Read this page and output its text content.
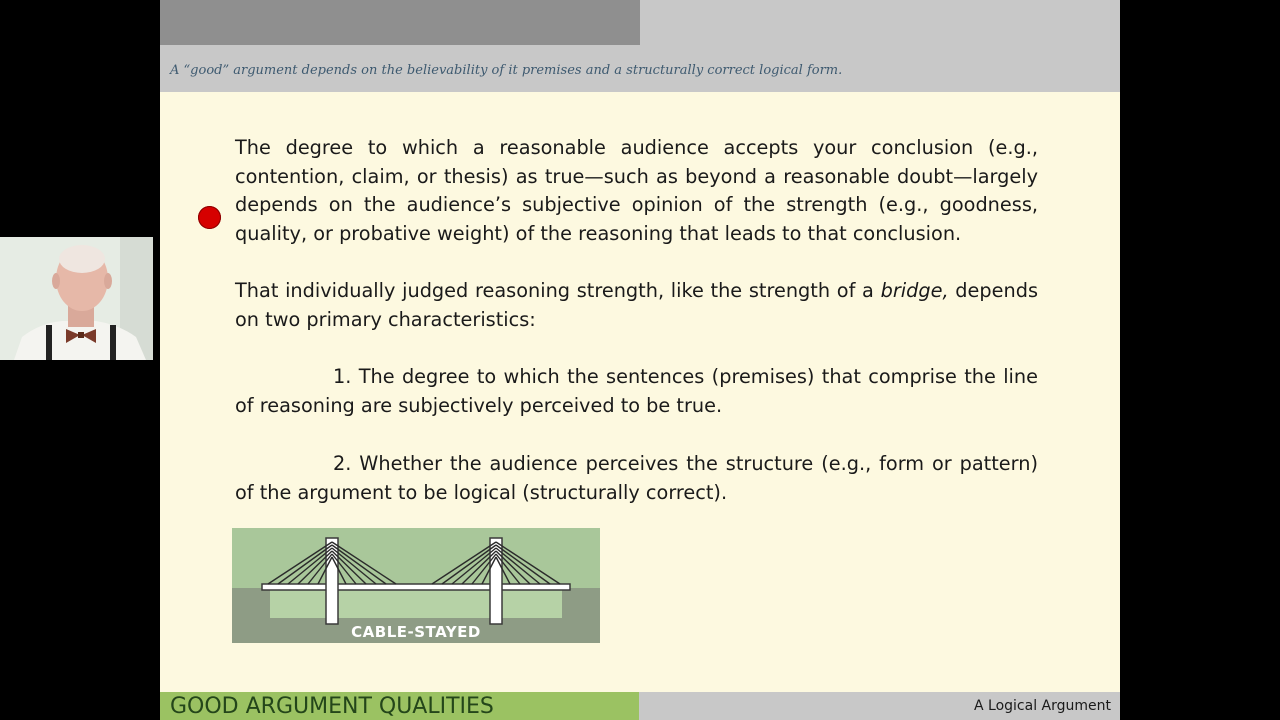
A “good” argument depends on the believability of it premises and a structurally correct logical form.

The degree to which a reasonable audience accepts your conclusion (e.g., contention, claim, or thesis) as true—such as beyond a reasonable doubt—largely depends on the audience’s subjective opinion of the strength (e.g., goodness, quality, or probative weight) of the reasoning that leads to that conclusion.

That individually judged reasoning strength, like the strength of a bridge, depends on two primary characteristics:

1. The degree to which the sentences (premises) that comprise the line of reasoning are subjectively perceived to be true.

2. Whether the audience perceives the structure (e.g., form or pattern) of the argument to be logical (structurally correct).

CABLE-STAYED
GOOD ARGUMENT QUALITIES	A Logical Argument
